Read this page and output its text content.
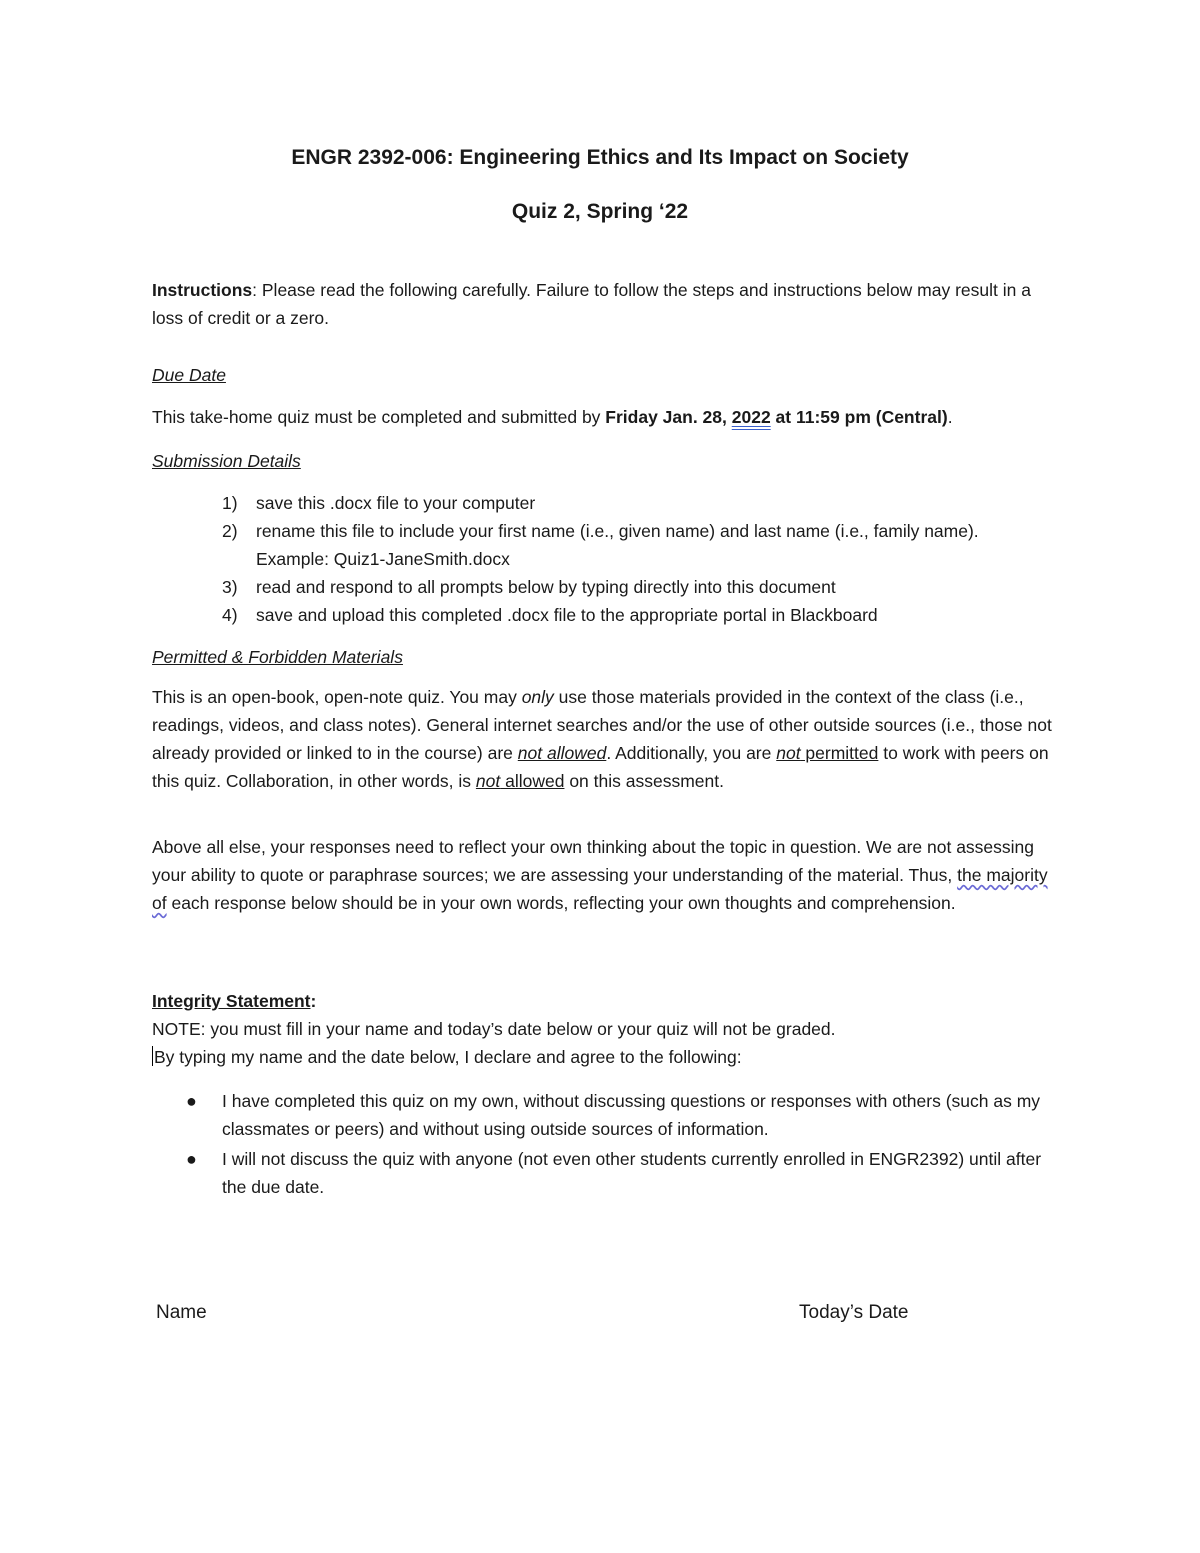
ENGR 2392-006: Engineering Ethics and Its Impact on Society
Quiz 2, Spring ‘22
Instructions: Please read the following carefully. Failure to follow the steps and instructions below may result in a loss of credit or a zero.
Due Date
This take-home quiz must be completed and submitted by Friday Jan. 28, 2022 at 11:59 pm (Central).
Submission Details
1) save this .docx file to your computer
2) rename this file to include your first name (i.e., given name) and last name (i.e., family name). Example: Quiz1-JaneSmith.docx
3) read and respond to all prompts below by typing directly into this document
4) save and upload this completed .docx file to the appropriate portal in Blackboard
Permitted & Forbidden Materials
This is an open-book, open-note quiz. You may only use those materials provided in the context of the class (i.e., readings, videos, and class notes). General internet searches and/or the use of other outside sources (i.e., those not already provided or linked to in the course) are not allowed. Additionally, you are not permitted to work with peers on this quiz. Collaboration, in other words, is not allowed on this assessment.
Above all else, your responses need to reflect your own thinking about the topic in question. We are not assessing your ability to quote or paraphrase sources; we are assessing your understanding of the material. Thus, the majority of each response below should be in your own words, reflecting your own thoughts and comprehension.
Integrity Statement:
NOTE: you must fill in your name and today’s date below or your quiz will not be graded.
By typing my name and the date below, I declare and agree to the following:
● I have completed this quiz on my own, without discussing questions or responses with others (such as my classmates or peers) and without using outside sources of information.
● I will not discuss the quiz with anyone (not even other students currently enrolled in ENGR2392) until after the due date.
Name	Today’s Date
